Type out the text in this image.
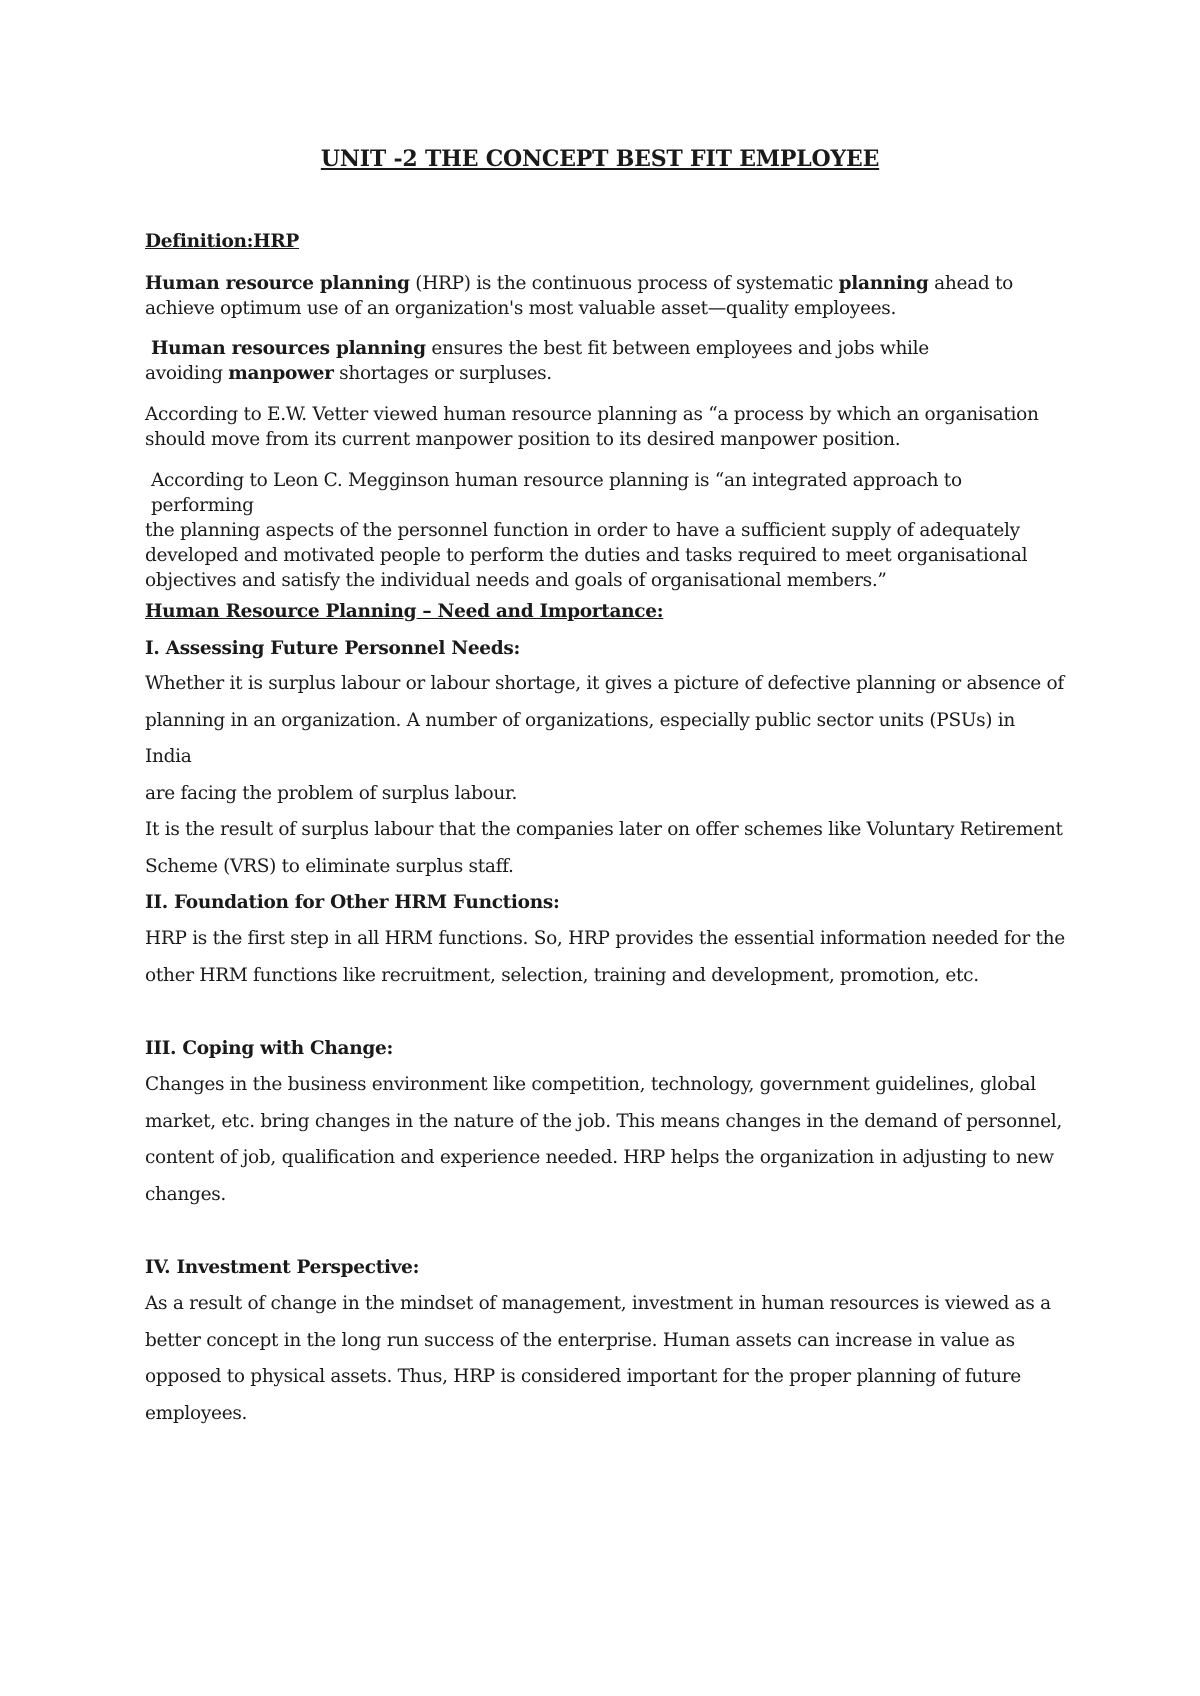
UNIT -2 THE CONCEPT BEST FIT EMPLOYEE
Definition:HRP
Human resource planning (HRP) is the continuous process of systematic planning ahead to
achieve optimum use of an organization's most valuable asset—quality employees.
Human resources planning ensures the best fit between employees and jobs while
avoiding manpower shortages or surpluses.
According to E.W. Vetter viewed human resource planning as “a process by which an organisation
should move from its current manpower position to its desired manpower position.
According to Leon C. Megginson human resource planning is “an integrated approach to performing
the planning aspects of the personnel function in order to have a sufficient supply of adequately
developed and motivated people to perform the duties and tasks required to meet organisational
objectives and satisfy the individual needs and goals of organisational members.”
Human Resource Planning – Need and Importance:
I. Assessing Future Personnel Needs:
Whether it is surplus labour or labour shortage, it gives a picture of defective planning or absence of
planning in an organization. A number of organizations, especially public sector units (PSUs) in India
are facing the problem of surplus labour.
It is the result of surplus labour that the companies later on offer schemes like Voluntary Retirement
Scheme (VRS) to eliminate surplus staff.
II. Foundation for Other HRM Functions:
HRP is the first step in all HRM functions. So, HRP provides the essential information needed for the
other HRM functions like recruitment, selection, training and development, promotion, etc.
III. Coping with Change:
Changes in the business environment like competition, technology, government guidelines, global
market, etc. bring changes in the nature of the job. This means changes in the demand of personnel,
content of job, qualification and experience needed. HRP helps the organization in adjusting to new
changes.
IV. Investment Perspective:
As a result of change in the mindset of management, investment in human resources is viewed as a
better concept in the long run success of the enterprise. Human assets can increase in value as
opposed to physical assets. Thus, HRP is considered important for the proper planning of future
employees.
